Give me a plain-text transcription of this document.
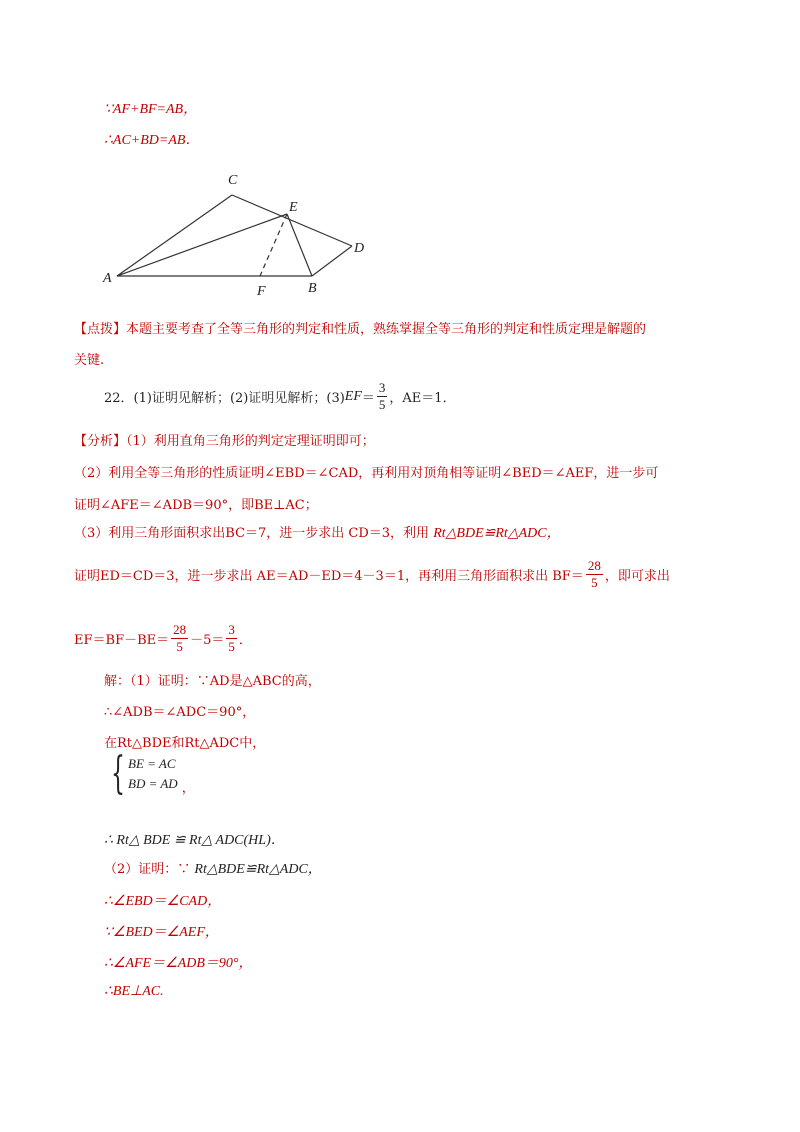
∵AF+BF=AB，
∴AC+BD=AB．
A
C
E
D
F	B
【点拨】本题主要考查了全等三角形的判定和性质，熟练掌握全等三角形的判定和性质定理是解题的
关键.
22．(1)证明见解析；(2)证明见解析；(3) EF ＝ $\frac{3}{5}$ ，AE＝1．
【分析】（1）利用直角三角形的判定定理证明即可；
（2）利用全等三角形的性质证明∠EBD＝∠CAD，再利用对顶角相等证明∠BED＝∠AEF，进一步可
证明∠AFE＝∠ADB＝90°，即BE⊥AC；
（3）利用三角形面积求出BC＝7，进一步求出 CD＝3，利用 Rt△BDE≌Rt△ADC，
证明ED＝CD＝3，进一步求出 AE＝AD－ED＝4－3＝1，再利用三角形面积求出 $BF= \frac{28}{5}$ ，即可求出
$EF=BF-BE= \frac{28}{5} -5= \frac{3}{5}$ ．
解：（1）证明：∵AD是△ABC的高，
∴∠ADB＝∠ADC＝90°，
在Rt△BDE和Rt△ADC中，
{ BE = AC
BD = AD ，
∴ Rt△ BDE ≌ Rt△ ADC(HL)．
（2）证明：∵ Rt△BDE≌Rt△ADC，
∴∠EBD＝∠CAD，
∵∠BED＝∠AEF，
∴∠AFE＝∠ADB＝90°，
∴BE⊥AC.
